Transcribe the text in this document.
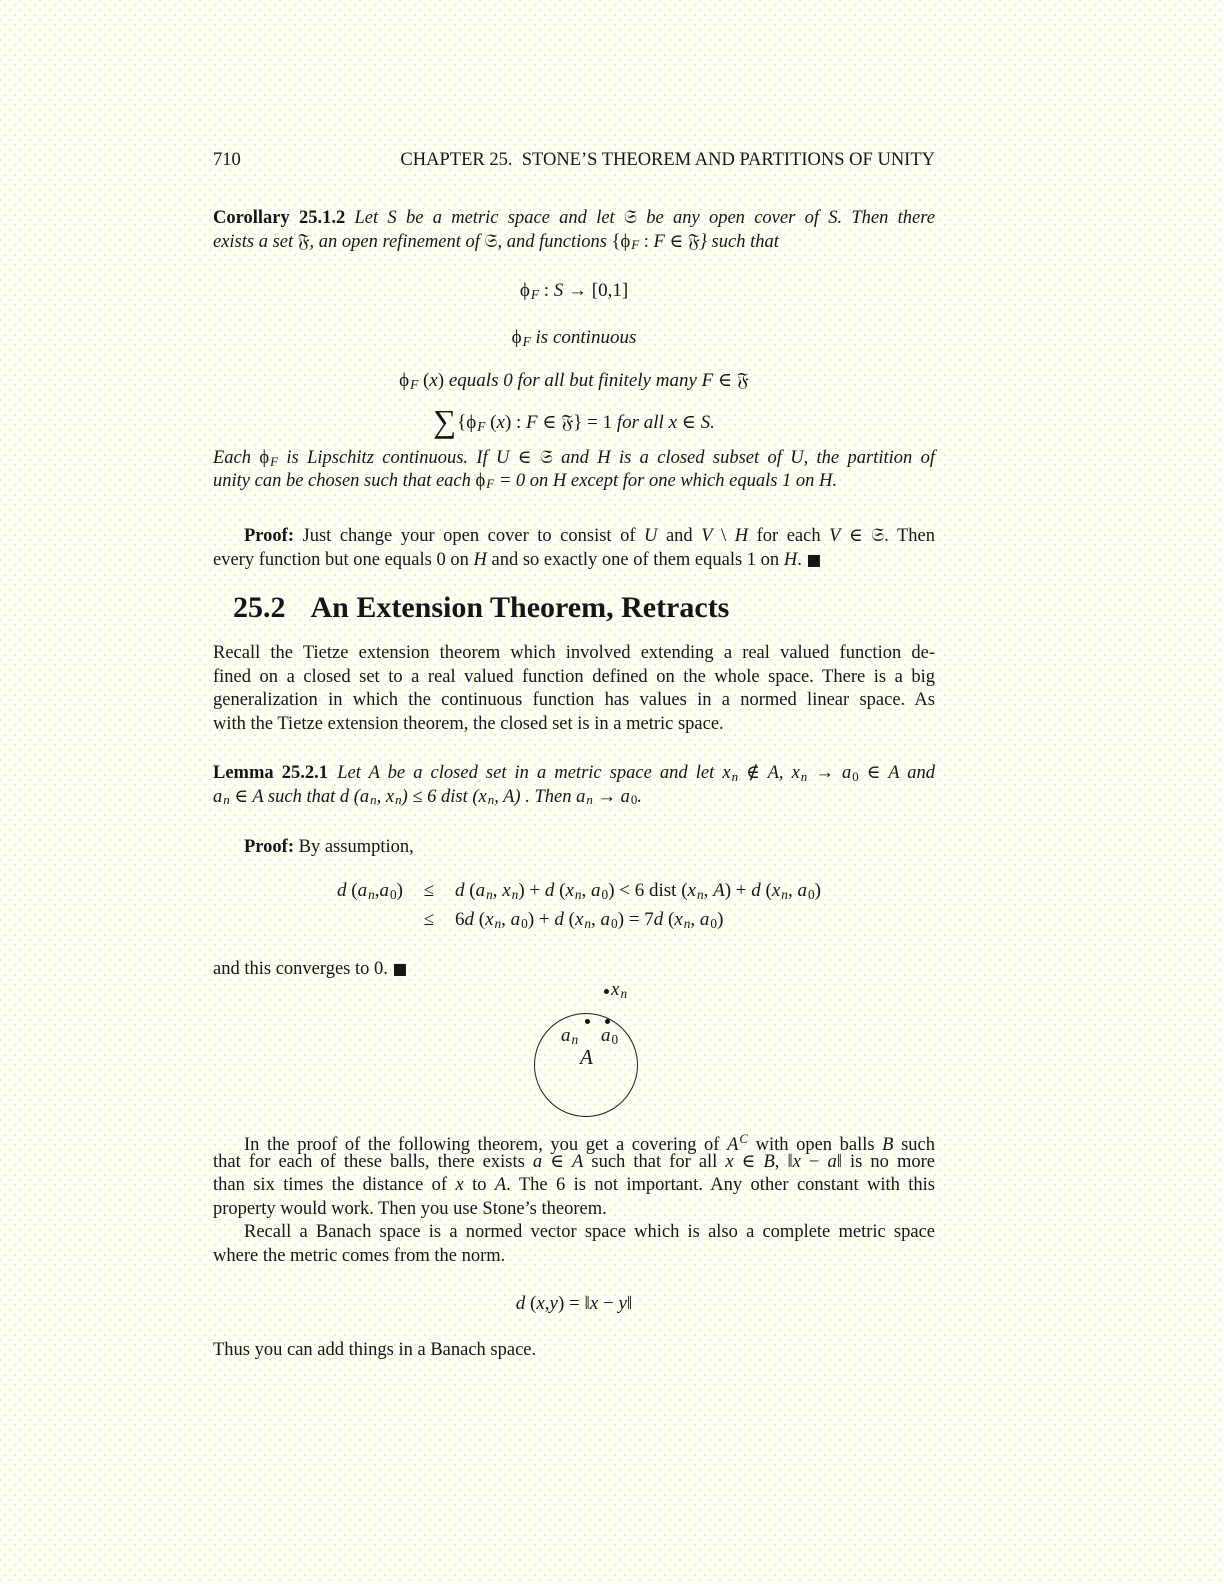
710	CHAPTER 25. STONE’S THEOREM AND PARTITIONS OF UNITY
Corollary 25.1.2  Let S be a metric space and let 𝔖 be any open cover of S. Then there
exists a set 𝔉, an open refinement of 𝔖, and functions {ϕF : F ∈ 𝔉} such that
ϕF : S → [0,1]
ϕF is continuous
ϕF (x) equals 0 for all but finitely many F ∈ 𝔉
∑{ϕF (x) : F ∈ 𝔉} = 1 for all x ∈ S.
Each ϕF is Lipschitz continuous. If U ∈ 𝔖 and H is a closed subset of U, the partition of
unity can be chosen such that each ϕF = 0 on H except for one which equals 1 on H.
Proof: Just change your open cover to consist of U and V \ H for each V ∈ 𝔖. Then
every function but one equals 0 on H and so exactly one of them equals 1 on H. ■
25.2 An Extension Theorem, Retracts
Recall the Tietze extension theorem which involved extending a real valued function de-
fined on a closed set to a real valued function defined on the whole space. There is a big
generalization in which the continuous function has values in a normed linear space. As
with the Tietze extension theorem, the closed set is in a metric space.
Lemma 25.2.1  Let A be a closed set in a metric space and let xn ∉ A, xn → $a_0$ ∈ A and
an ∈ A such that d (an, xn) ≤ 6 dist (xn, A) . Then an → $a_0$.
Proof: By assumption,
d $(an,a_0)$	≤	d (an, xn) + d (xn, $a_0) < 6$ dist (xn, A) + d (xn, $a_0$)
≤	6d (xn, $a_0) + d$ (xn, $a_0) = 7d$ (xn, $a_0$)
and this converges to 0. ■
xn
an $a_0$
A
In the proof of the following theorem, you get a covering of $A^C$ with open balls B such
that for each of these balls, there exists a ∈ A such that for all x ∈ B, ‖x − a‖ is no more
than six times the distance of x to A. The 6 is not important. Any other constant with this
property would work. Then you use Stone’s theorem.
Recall a Banach space is a normed vector space which is also a complete metric space
where the metric comes from the norm.
d (x,y) = ‖x − y‖
Thus you can add things in a Banach space.
